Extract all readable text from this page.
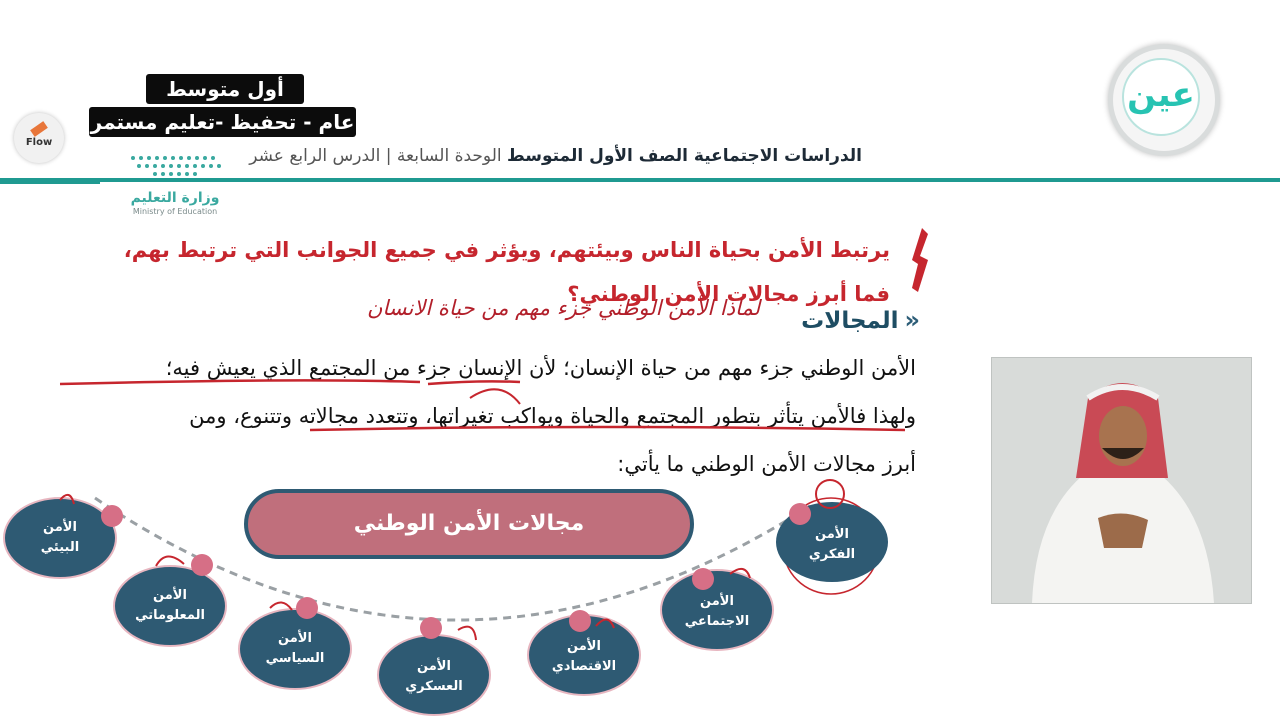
أول متوسط
عام - تحفيظ -تعليم مستمر
Flow
عين
وزارة التعليم
Ministry of Education
الدراسات الاجتماعية الصف الأول المتوسط الوحدة السابعة | الدرس الرابع عشر
يرتبط الأمن بحياة الناس وبيئتهم، ويؤثر في جميع الجوانب التي ترتبط بهم،
فما أبرز مجالات الأمن الوطني؟
«المجالات
لماذا الأمن الوطني جزء مهم من حياة الانسان
الأمن الوطني جزء مهم من حياة الإنسان؛ لأن الإنسان جزء من المجتمع الذي يعيش فيه؛
ولهذا فالأمن يتأثر بتطور المجتمع والحياة ويواكب تغيراتها، وتتعدد مجالاته وتتنوع، ومن
أبرز مجالات الأمن الوطني ما يأتي:
مجالات الأمن الوطني	الأمن
الفكري
الأمن
الاجتماعي
الأمن
الاقتصادي
الأمن
العسكري
الأمن
السياسي
الأمن
المعلوماتي
الأمن
البيئي
